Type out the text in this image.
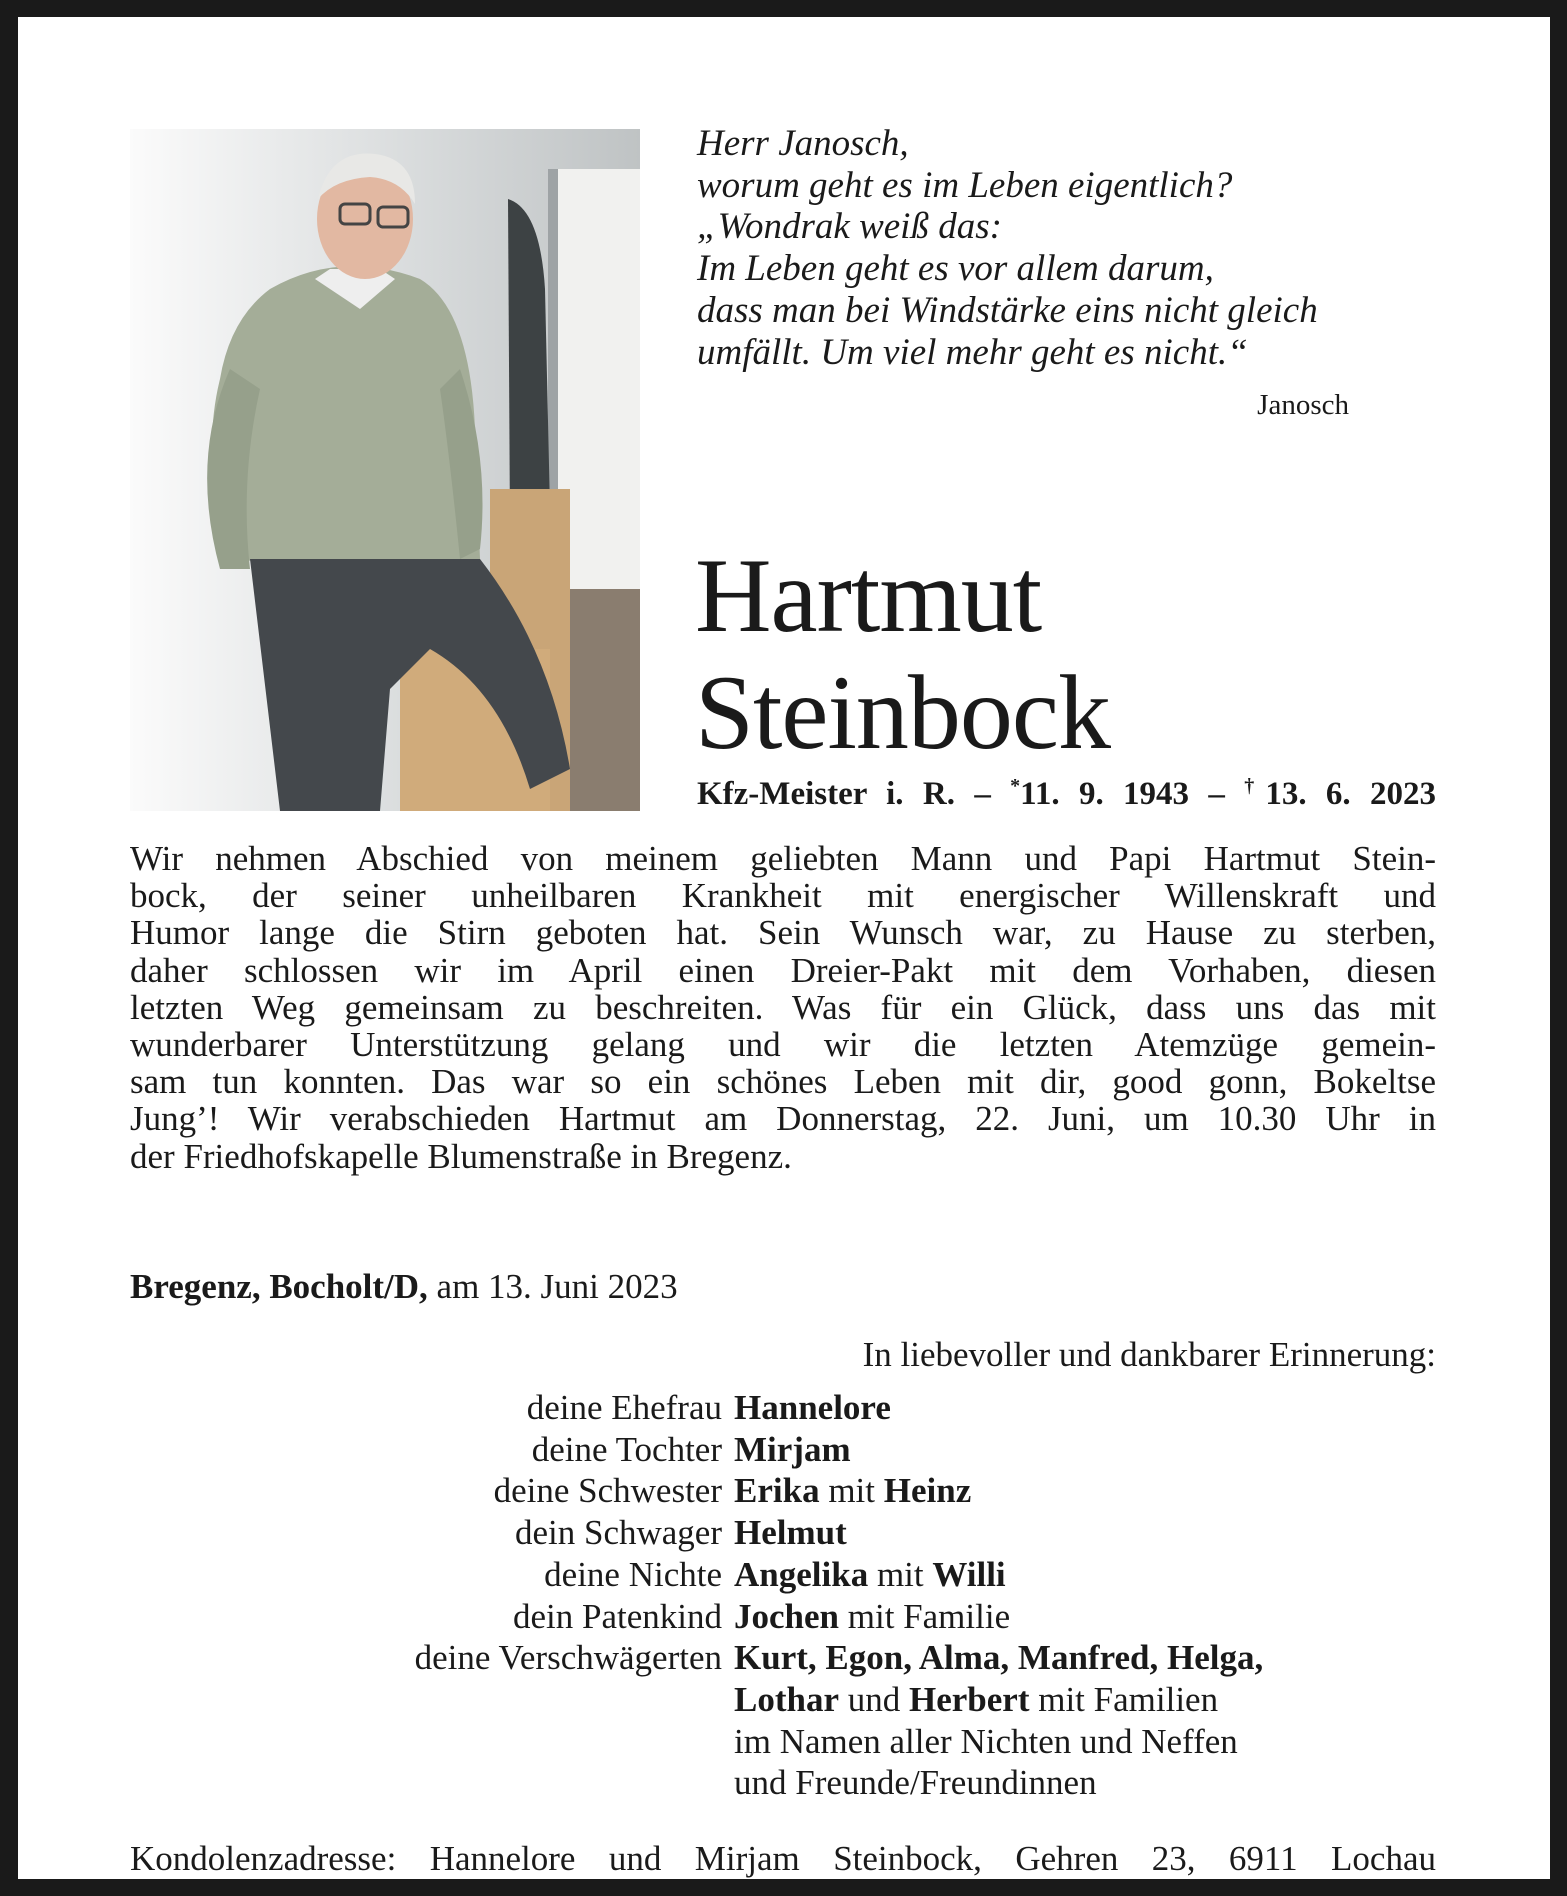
Herr Janosch,
worum geht es im Leben eigentlich?
„Wondrak weiß das:
Im Leben geht es vor allem darum,
dass man bei Windstärke eins nicht gleich
umfällt. Um viel mehr geht es nicht.“
Janosch
Hartmut
Steinbock
Kfz-Meister i. R. – *11. 9. 1943 – †13. 6. 2023
Wir nehmen Abschied von meinem geliebten Mann und Papi Hartmut Stein-
bock, der seiner unheilbaren Krankheit mit energischer Willenskraft und
Humor lange die Stirn geboten hat. Sein Wunsch war, zu Hause zu sterben,
daher schlossen wir im April einen Dreier-Pakt mit dem Vorhaben, diesen
letzten Weg gemeinsam zu beschreiten. Was für ein Glück, dass uns das mit
wunderbarer Unterstützung gelang und wir die letzten Atemzüge gemein-
sam tun konnten. Das war so ein schönes Leben mit dir, good gonn, Bokeltse
Jung’! Wir verabschieden Hartmut am Donnerstag, 22. Juni, um 10.30 Uhr in
der Friedhofskapelle Blumenstraße in Bregenz.
Bregenz, Bocholt/D, am 13. Juni 2023
In liebevoller und dankbarer Erinnerung:
deine Ehefrau Hannelore
deine Tochter Mirjam
deine Schwester Erika mit Heinz
dein Schwager Helmut
deine Nichte Angelika mit Willi
dein Patenkind Jochen mit Familie
deine Verschwägerten Kurt, Egon, Alma, Manfred, Helga,
Lothar und Herbert mit Familien
im Namen aller Nichten und Neffen
und Freunde/Freundinnen
Kondolenzadresse: Hannelore und Mirjam Steinbock, Gehren 23, 6911 Lochau
